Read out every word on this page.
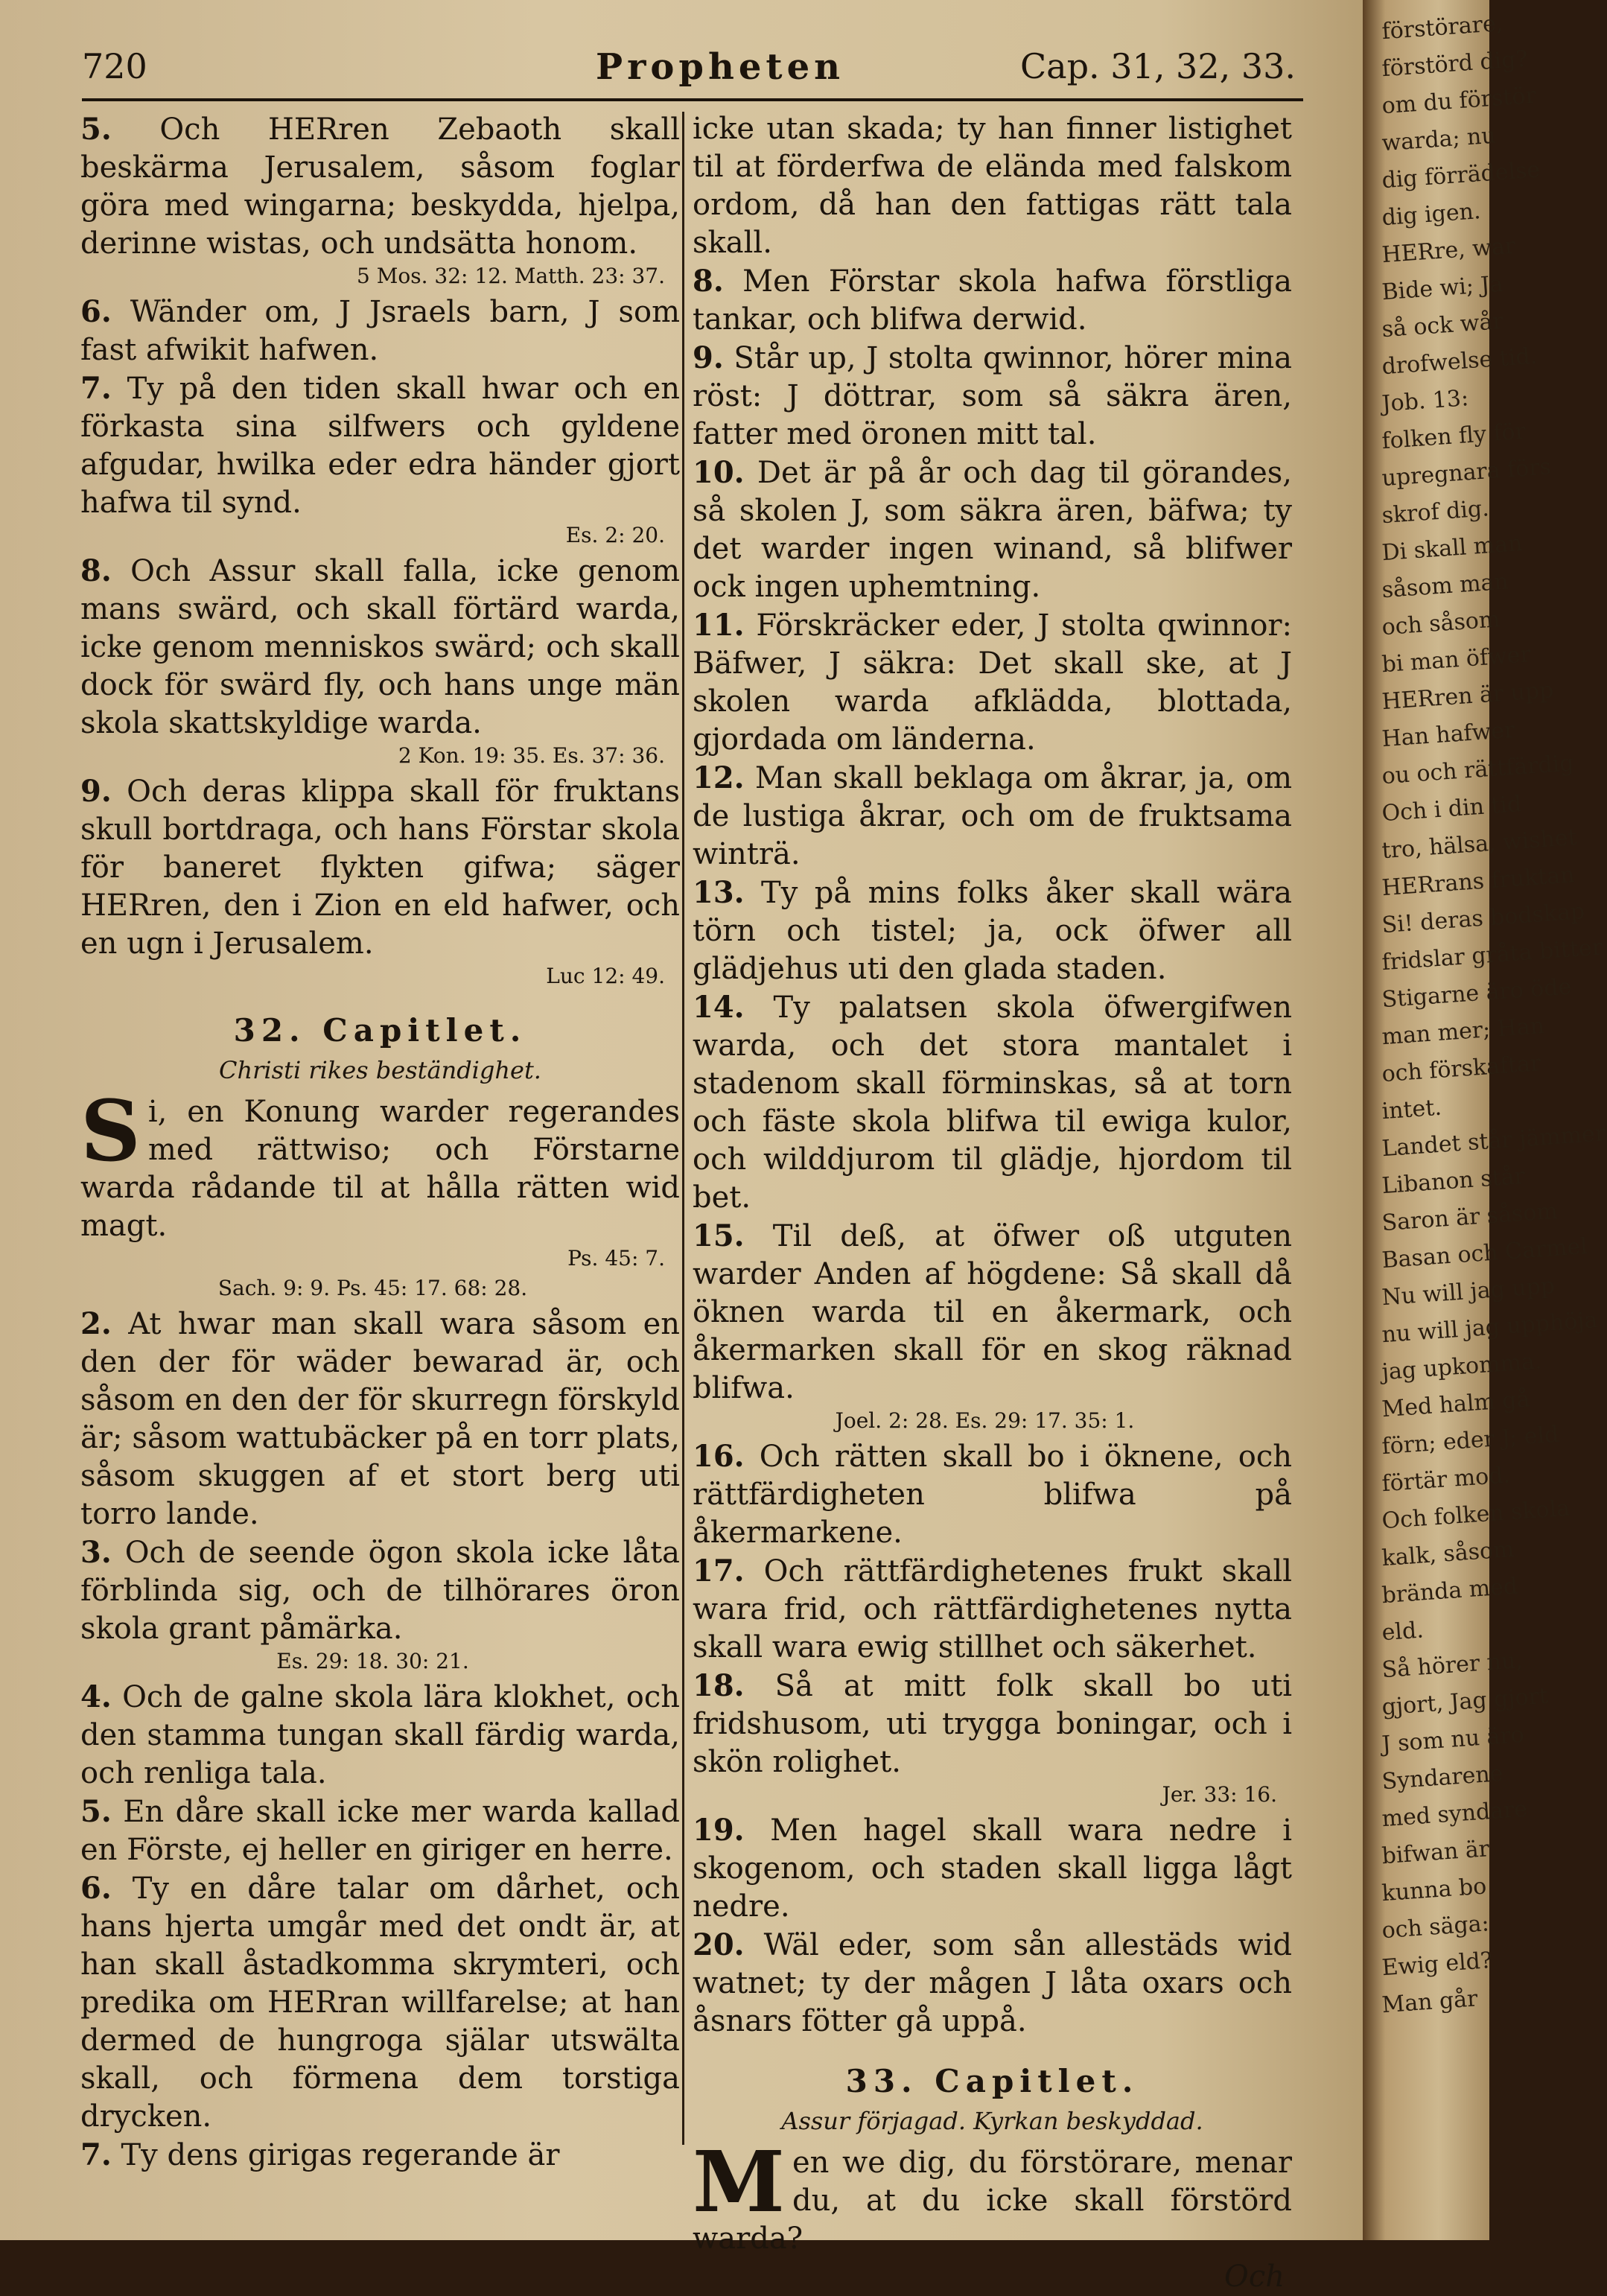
720	Propheten	Cap. 31, 32, 33.

5. Och HERren Zebaoth skall beskärma Jerusalem, såsom foglar göra med wingarna; beskydda, hjelpa, derinne wistas, och undsätta honom.

5 Mos. 32: 12. Matth. 23: 37.

6. Wänder om, J Jsraels barn, J som fast afwikit hafwen.

7. Ty på den tiden skall hwar och en förkasta sina silfwers och gyldene afgudar, hwilka eder edra händer gjort hafwa til synd.

Es. 2: 20.

8. Och Assur skall falla, icke genom mans swärd, och skall förtärd warda, icke genom menniskos swärd; och skall dock för swärd fly, och hans unge män skola skattskyldige warda.

2 Kon. 19: 35. Es. 37: 36.

9. Och deras klippa skall för fruktans skull bortdraga, och hans Förstar skola för baneret flykten gifwa; säger HERren, den i Zion en eld hafwer, och en ugn i Jerusalem.

Luc 12: 49.

32. Capitlet.
Christi rikes beständighet.

Si, en Konung warder regerandes med rättwiso; och Förstarne warda rådande til at hålla rätten wid magt.

Ps. 45: 7.

Sach. 9: 9. Ps. 45: 17. 68: 28.

2. At hwar man skall wara såsom en den der för wäder bewarad är, och såsom en den der för skurregn förskyld är; såsom wattubäcker på en torr plats, såsom skuggen af et stort berg uti torro lande.

3. Och de seende ögon skola icke låta förblinda sig, och de tilhörares öron skola grant påmärka.

Es. 29: 18. 30: 21.

4. Och de galne skola lära klokhet, och den stamma tungan skall färdig warda, och renliga tala.

5. En dåre skall icke mer warda kallad en Förste, ej heller en giriger en herre.

6. Ty en dåre talar om dårhet, och hans hjerta umgår med det ondt är, at han skall åstadkomma skrymteri, och predika om HERran willfarelse; at han dermed de hungroga själar utswälta skall, och förmena dem torstiga drycken.

7. Ty dens girigas regerande är

icke utan skada; ty han finner listighet til at förderfwa de elända med falskom ordom, då han den fattigas rätt tala skall.

8. Men Förstar skola hafwa förstliga tankar, och blifwa derwid.

9. Står up, J stolta qwinnor, hörer mina röst: J döttrar, som så säkra ären, fatter med öronen mitt tal.

10. Det är på år och dag til görandes, så skolen J, som säkra ären, bäfwa; ty det warder ingen winand, så blifwer ock ingen uphemtning.

11. Förskräcker eder, J stolta qwinnor: Bäfwer, J säkra: Det skall ske, at J skolen warda afklädda, blottada, gjordada om länderna.

12. Man skall beklaga om åkrar, ja, om de lustiga åkrar, och om de fruktsama winträ.

13. Ty på mins folks åker skall wära törn och tistel; ja, ock öfwer all glädjehus uti den glada staden.

14. Ty palatsen skola öfwergifwen warda, och det stora mantalet i stadenom skall förminskas, så at torn och fäste skola blifwa til ewiga kulor, och wilddjurom til glädje, hjordom til bet.

15. Til deß, at öfwer oß utguten warder Anden af högdene: Så skall då öknen warda til en åkermark, och åkermarken skall för en skog räknad blifwa.

Joel. 2: 28. Es. 29: 17. 35: 1.

16. Och rätten skall bo i öknene, och rättfärdigheten blifwa på åkermarkene.

17. Och rättfärdighetenes frukt skall wara frid, och rättfärdighetenes nytta skall wara ewig stillhet och säkerhet.

18. Så at mitt folk skall bo uti fridshusom, uti trygga boningar, och i skön rolighet.

Jer. 33: 16.

19. Men hagel skall wara nedre i skogenom, och staden skall ligga lågt nedre.

20. Wäl eder, som sån allestäds wid watnet; ty der mågen J låta oxars och åsnars fötter gå uppå.

33. Capitlet.
Assur förjagad. Kyrkan beskyddad.

Men we dig, du förstörare, menar du, at du icke skall förstörd warda?

Och
förstörare,
förstörd dig?
om du förstör
warda; nu
dig förrädelse
dig igen.
HERre, war
Bide wi; Ja
så ock wår
drofwelse tid.
Job. 13:
folken fly för
upregnara förs
skrof dig.
Di skall man
såsom man
och såsom
bi man öfwer
HERren är upp
Han hafwer
ou och rättfärdig
Och i din tid
tro, hälsa, wishet
HERrans fruktan
Si! deras bodskap
fridslar gråta bitter
Stigarne äro öde
man mer; Han
och förskaftar
intet.
Landet står jämmer
Libanon står
Saron är såsom
Basan och Carmel
Nu will jag upp
nu will jag upphöja
jag upkomma.
Med halm gå
förn; eder J; eld
förtär mod.
Och folken skola
kalk, såsom
brända med
eld.
Så hörer nu,
gjort, Jag gjort
J som nu äro
Syndarene
med syndare
bifwan är
kunna bo
och säga:
Ewig eld?
Man går
